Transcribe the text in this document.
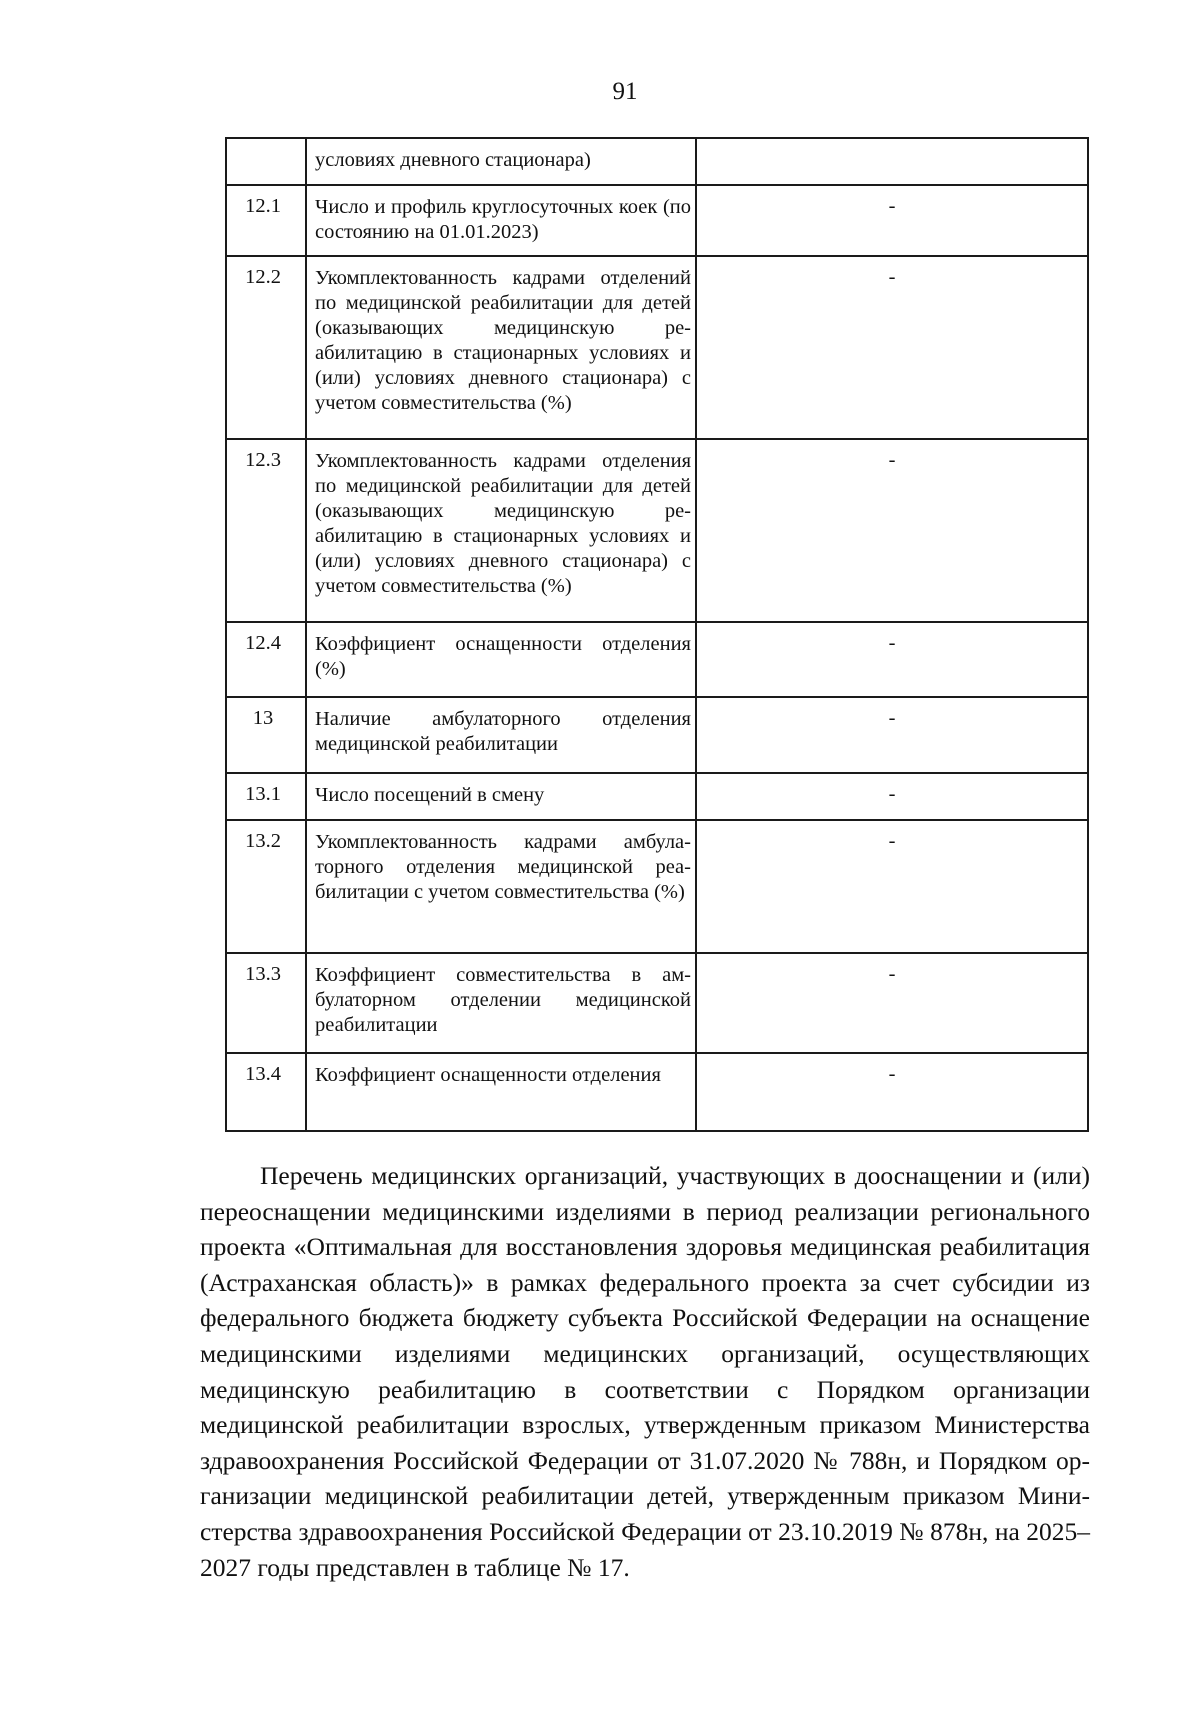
91
	условиях дневного стационара)	
12.1	Число и профиль круглосуточных коек (по состоянию на 01.01.2023)	-
12.2	Укомплектованность кадрами отделений по медицинской реабилитации для детей (оказывающих медицинскую реабилитацию в стационарных условиях и (или) условиях дневного стационара) с учетом совместительства (%)	-
12.3	Укомплектованность кадрами отделения по медицинской реабилитации для детей (оказывающих медицинскую реабилитацию в стационарных условиях и (или) условиях дневного стационара) с учетом совместительства (%)	-
12.4	Коэффициент оснащенности отделения (%)	-
13	Наличие амбулаторного отделения медицинской реабилитации	-
13.1	Число посещений в смену	-
13.2	Укомплектованность кадрами амбулаторного отделения медицинской реабилитации с учетом совместительства (%)	-
13.3	Коэффициент совместительства в амбулаторном отделении медицинской реабилитации	-
13.4	Коэффициент оснащенности отделения	-

Перечень медицинских организаций, участвующих в дооснащении и (или) переоснащении медицинскими изделиями в период реализации регионального проекта «Оптимальная для восстановления здоровья медицинская реабилитация (Астраханская область)» в рамках федерального проекта за счет субсидии из федерального бюджета бюджету субъекта Российской Федерации на оснащение медицинскими изделиями медицинских организаций, осуществляющих медицинскую реабилитацию в соответствии с Порядком организации медицинской реабилитации взрослых, утвержденным приказом Министерства здравоохранения Российской Федерации от 31.07.2020 № 788н, и Порядком организации медицинской реабилитации детей, утвержденным приказом Министерства здравоохранения Российской Федерации от 23.10.2019 № 878н, на 2025–2027 годы представлен в таблице № 17.
